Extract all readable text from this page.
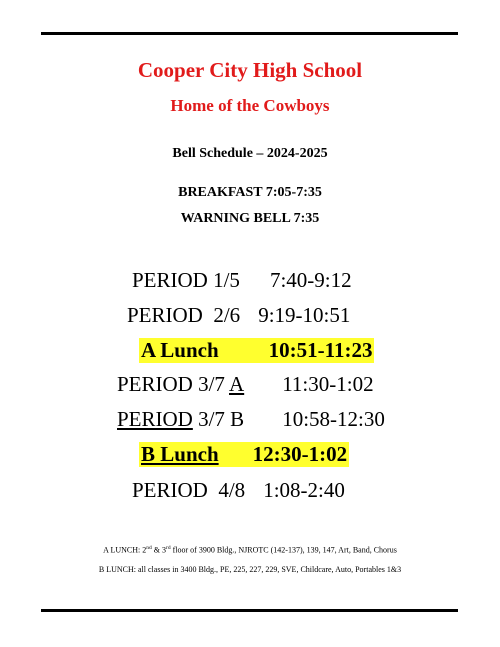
Cooper City High School
Home of the Cowboys
Bell Schedule – 2024-2025
BREAKFAST 7:05-7:35
WARNING BELL 7:35
PERIOD 1/5 7:40-9:12
PERIOD  2/6 9:19-10:51
A Lunch 10:51-11:23
PERIOD 3/7 A 11:30-1:02
PERIOD 3/7 B 10:58-12:30
B Lunch 12:30-1:02
PERIOD  4/8 1:08-2:40
A LUNCH: 2nd & 3rd floor of 3900 Bldg., NJROTC (142-137), 139, 147, Art, Band, Chorus
B LUNCH: all classes in 3400 Bldg., PE, 225, 227, 229, SVE, Childcare, Auto, Portables 1&3
